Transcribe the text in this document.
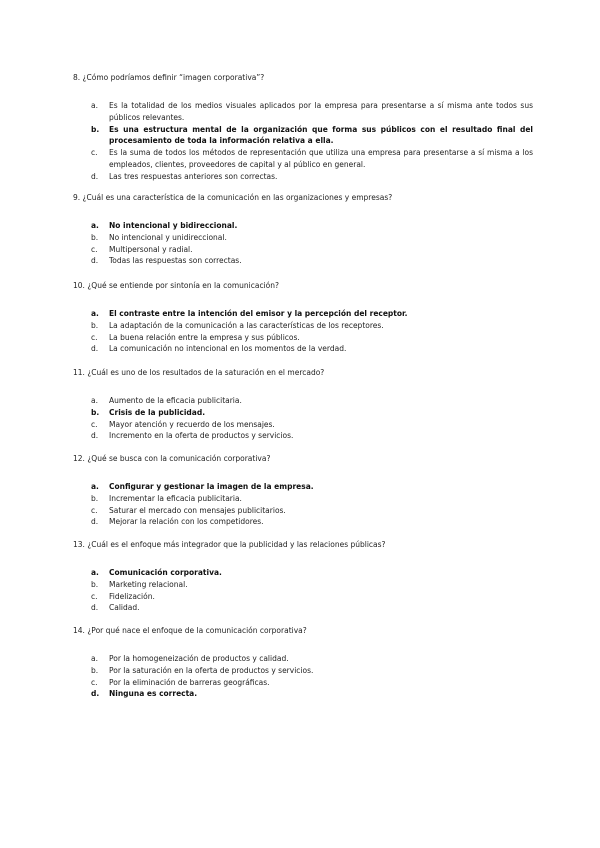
8. ¿Cómo podríamos definir “imagen corporativa”?
a. Es la totalidad de los medios visuales aplicados por la empresa para presentarse a sí misma ante todos sus públicos relevantes.
b. Es una estructura mental de la organización que forma sus públicos con el resultado final del procesamiento de toda la información relativa a ella.
c. Es la suma de todos los métodos de representación que utiliza una empresa para presentarse a sí misma a los empleados, clientes, proveedores de capital y al público en general.
d. Las tres respuestas anteriores son correctas.
9. ¿Cuál es una característica de la comunicación en las organizaciones y empresas?
a. No intencional y bidireccional.
b. No intencional y unidireccional.
c. Multipersonal y radial.
d. Todas las respuestas son correctas.
10. ¿Qué se entiende por sintonía en la comunicación?
a. El contraste entre la intención del emisor y la percepción del receptor.
b. La adaptación de la comunicación a las características de los receptores.
c. La buena relación entre la empresa y sus públicos.
d. La comunicación no intencional en los momentos de la verdad.
11. ¿Cuál es uno de los resultados de la saturación en el mercado?
a. Aumento de la eficacia publicitaria.
b. Crisis de la publicidad.
c. Mayor atención y recuerdo de los mensajes.
d. Incremento en la oferta de productos y servicios.
12. ¿Qué se busca con la comunicación corporativa?
a. Configurar y gestionar la imagen de la empresa.
b. Incrementar la eficacia publicitaria.
c. Saturar el mercado con mensajes publicitarios.
d. Mejorar la relación con los competidores.
13. ¿Cuál es el enfoque más integrador que la publicidad y las relaciones públicas?
a. Comunicación corporativa.
b. Marketing relacional.
c. Fidelización.
d. Calidad.
14. ¿Por qué nace el enfoque de la comunicación corporativa?
a. Por la homogeneización de productos y calidad.
b. Por la saturación en la oferta de productos y servicios.
c. Por la eliminación de barreras geográficas.
d. Ninguna es correcta.
